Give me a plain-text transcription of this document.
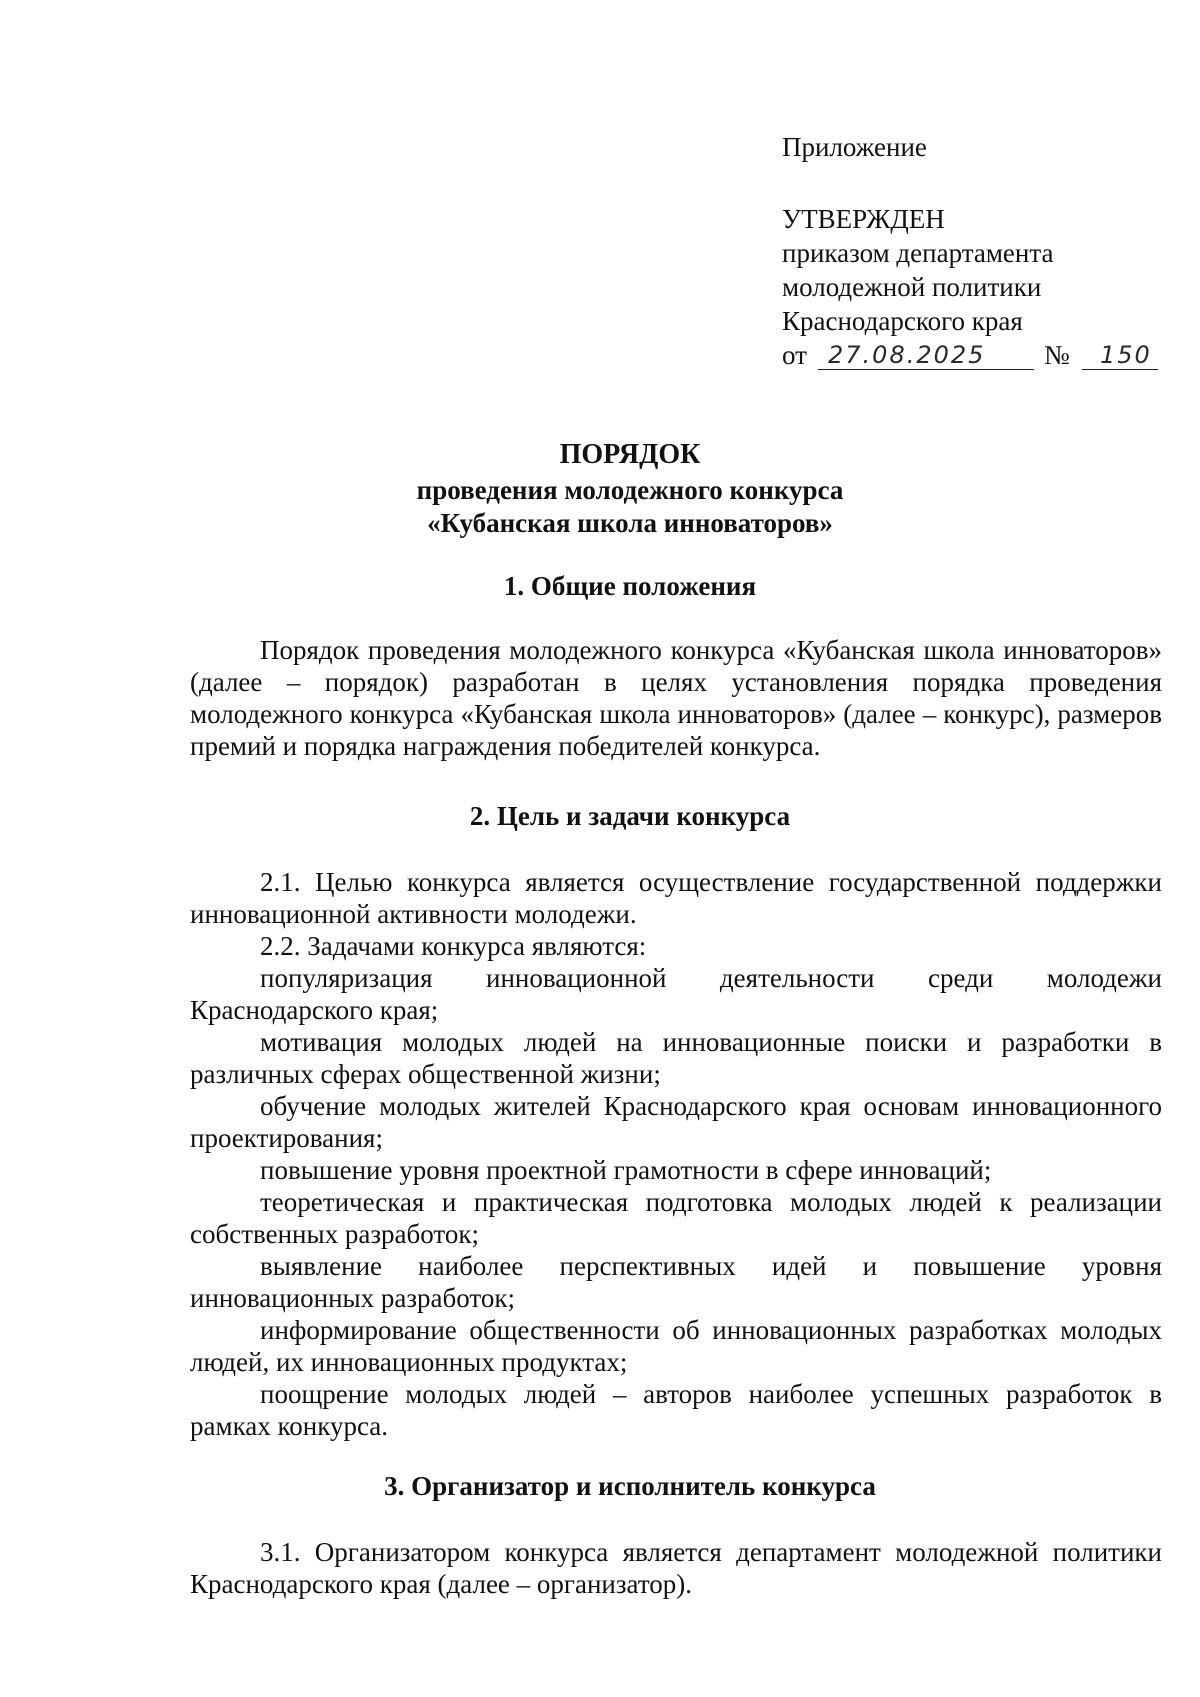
Приложение
УТВЕРЖДЕН
приказом департамента
молодежной политики
Краснодарского края
от 27.08.2025 № 150
ПОРЯДОК
проведения молодежного конкурса
«Кубанская школа инноваторов»
1. Общие положения

Порядок проведения молодежного конкурса «Кубанская школа инноваторов» (далее – порядок) разработан в целях установления порядка проведения молодежного конкурса «Кубанская школа инноваторов» (далее – конкурс), размеров премий и порядка награждения победителей конкурса.

2. Цель и задачи конкурса

2.1. Целью конкурса является осуществление государственной поддержки инновационной активности молодежи.

2.2. Задачами конкурса являются:

популяризация инновационной деятельности среди молодежи Краснодарского края;

мотивация молодых людей на инновационные поиски и разработки в различных сферах общественной жизни;

обучение молодых жителей Краснодарского края основам инновационного проектирования;

повышение уровня проектной грамотности в сфере инноваций;

теоретическая и практическая подготовка молодых людей к реализации собственных разработок;

выявление наиболее перспективных идей и повышение уровня инновационных разработок;

информирование общественности об инновационных разработках молодых людей, их инновационных продуктах;

поощрение молодых людей – авторов наиболее успешных разработок в рамках конкурса.

3. Организатор и исполнитель конкурса

3.1. Организатором конкурса является департамент молодежной политики Краснодарского края (далее – организатор).
